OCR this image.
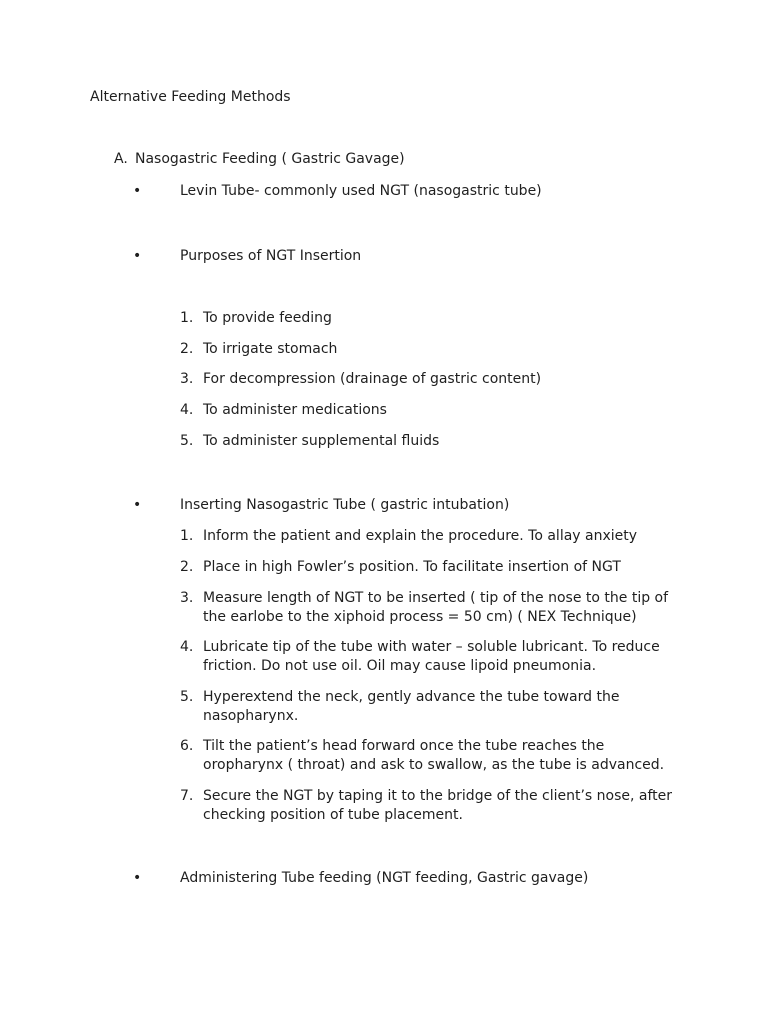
Alternative Feeding Methods
A. Nasogastric Feeding ( Gastric Gavage)
•	Levin Tube- commonly used NGT (nasogastric tube)
•	Purposes of NGT Insertion
1. To provide feeding
2. To irrigate stomach
3. For decompression (drainage of gastric content)
4. To administer medications
5. To administer supplemental fluids
•	Inserting Nasogastric Tube ( gastric intubation)
1. Inform the patient and explain the procedure. To allay anxiety
2. Place in high Fowler’s position. To facilitate insertion of NGT
3. Measure length of NGT to be inserted ( tip of the nose to the tip of
the earlobe to the xiphoid process = 50 cm) ( NEX Technique)
4. Lubricate tip of the tube with water – soluble lubricant. To reduce
friction. Do not use oil. Oil may cause lipoid pneumonia.
5. Hyperextend the neck, gently advance the tube toward the
nasopharynx.
6. Tilt the patient’s head forward once the tube reaches the
oropharynx ( throat) and ask to swallow, as the tube is advanced.
7. Secure the NGT by taping it to the bridge of the client’s nose, after
checking position of tube placement.
•	Administering Tube feeding (NGT feeding, Gastric gavage)
